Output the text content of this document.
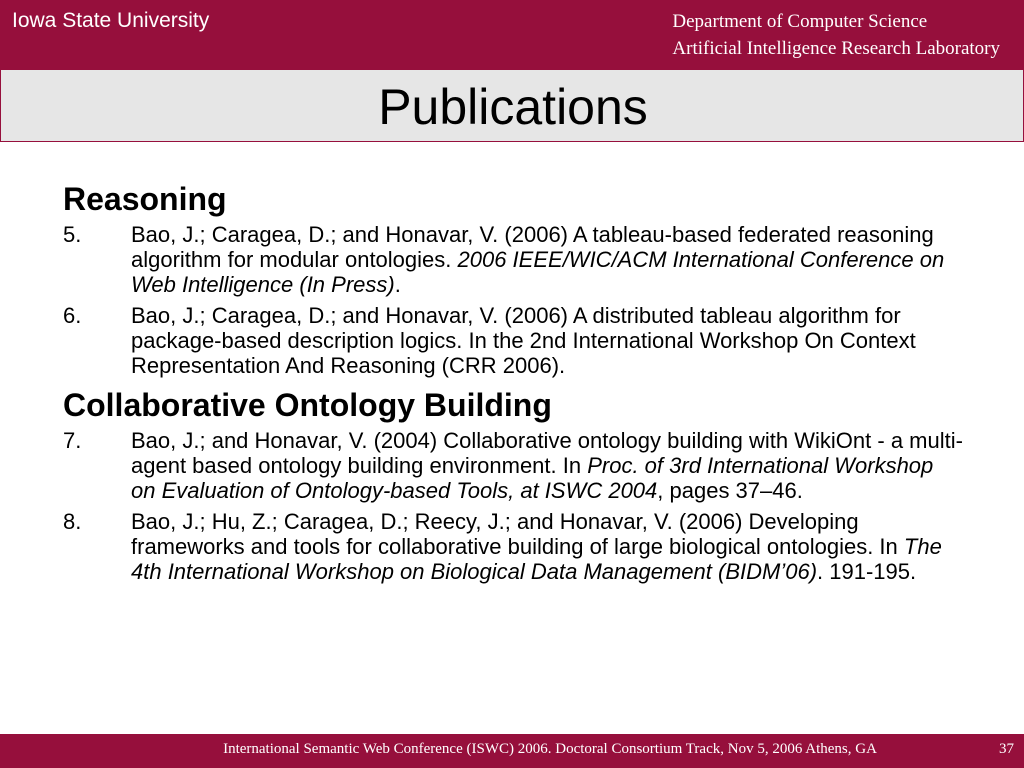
Iowa State University	Department of Computer Science
Artificial Intelligence Research Laboratory
Publications
Reasoning
5.	Bao, J.; Caragea, D.; and Honavar, V. (2006) A tableau-based federated reasoning algorithm for modular ontologies. 2006 IEEE/WIC/ACM International Conference on Web Intelligence (In Press).
6.	Bao, J.; Caragea, D.; and Honavar, V. (2006) A distributed tableau algorithm for package-based description logics. In the 2nd International Workshop On Context Representation And Reasoning (CRR 2006).
Collaborative Ontology Building
7.	Bao, J.; and Honavar, V. (2004) Collaborative ontology building with WikiOnt - a multi-agent based ontology building environment. In Proc. of 3rd International Workshop on Evaluation of Ontology-based Tools, at ISWC 2004, pages 37–46.
8.	Bao, J.; Hu, Z.; Caragea, D.; Reecy, J.; and Honavar, V. (2006) Developing frameworks and tools for collaborative building of large biological ontologies. In The 4th International Workshop on Biological Data Management (BIDM’06). 191-195.
International Semantic Web Conference (ISWC) 2006. Doctoral Consortium Track, Nov 5, 2006 Athens, GA	37
